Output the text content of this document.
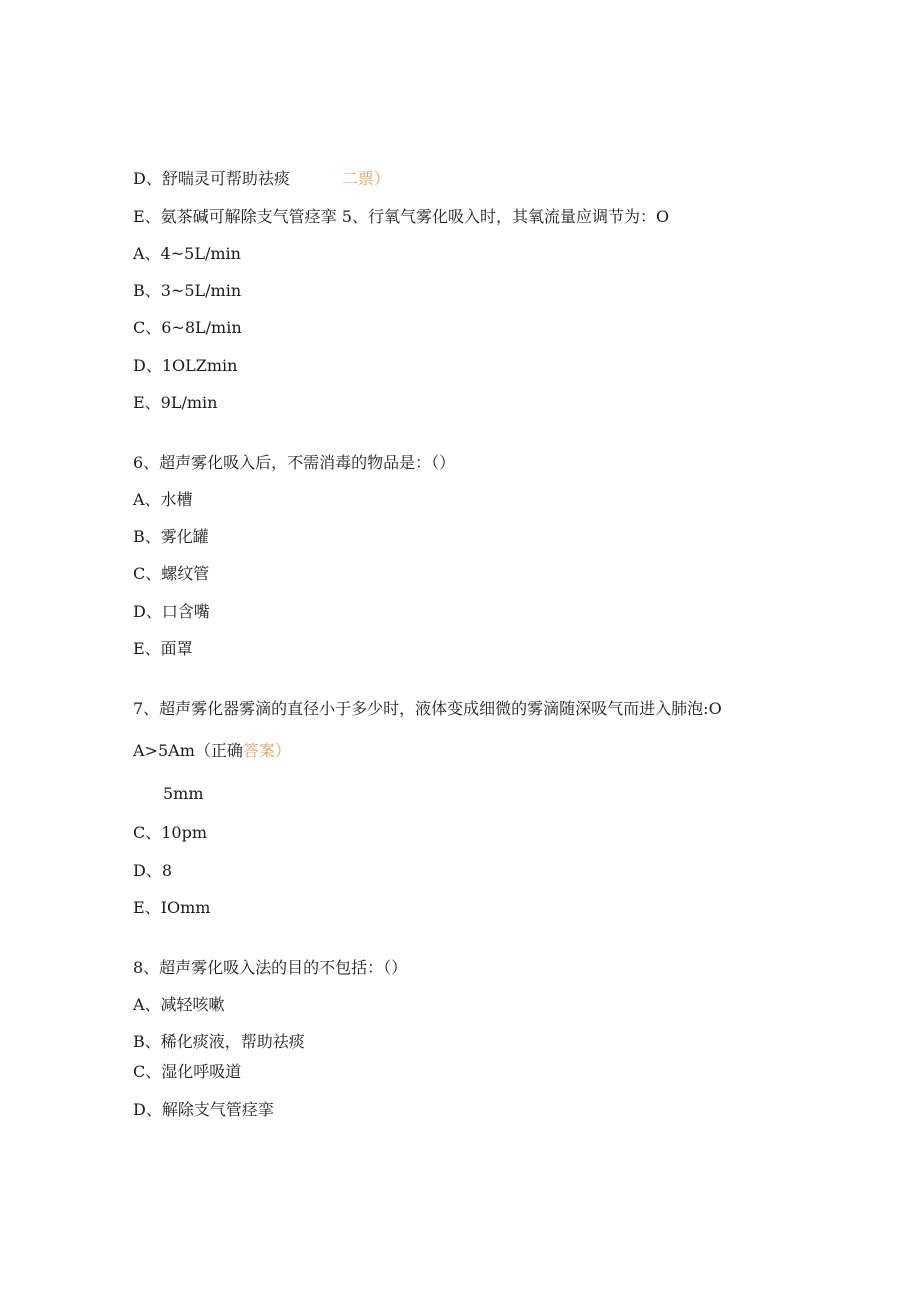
D、舒喘灵可帮助祛痰	二票）
E、氨茶碱可解除支气管痉挛 5、行氧气雾化吸入时，其氧流量应调节为：O
A、4~5L∕min
B、3~5L∕min
C、6~8L∕min
D、1OLZmin
E、9L∕min
6、超声雾化吸入后，不需消毒的物品是：（）
A、水槽
B、雾化罐
C、螺纹管
D、口含嘴
E、面罩
7、超声雾化器雾滴的直径小于多少时，液体变成细微的雾滴随深吸气而进入肺泡:O
A>5Am（正确答案）
5mm
C、10pm
D、8
E、IOmm
8、超声雾化吸入法的目的不包括：（）
A、减轻咳嗽
B、稀化痰液，帮助祛痰
C、湿化呼吸道
D、解除支气管痉挛
